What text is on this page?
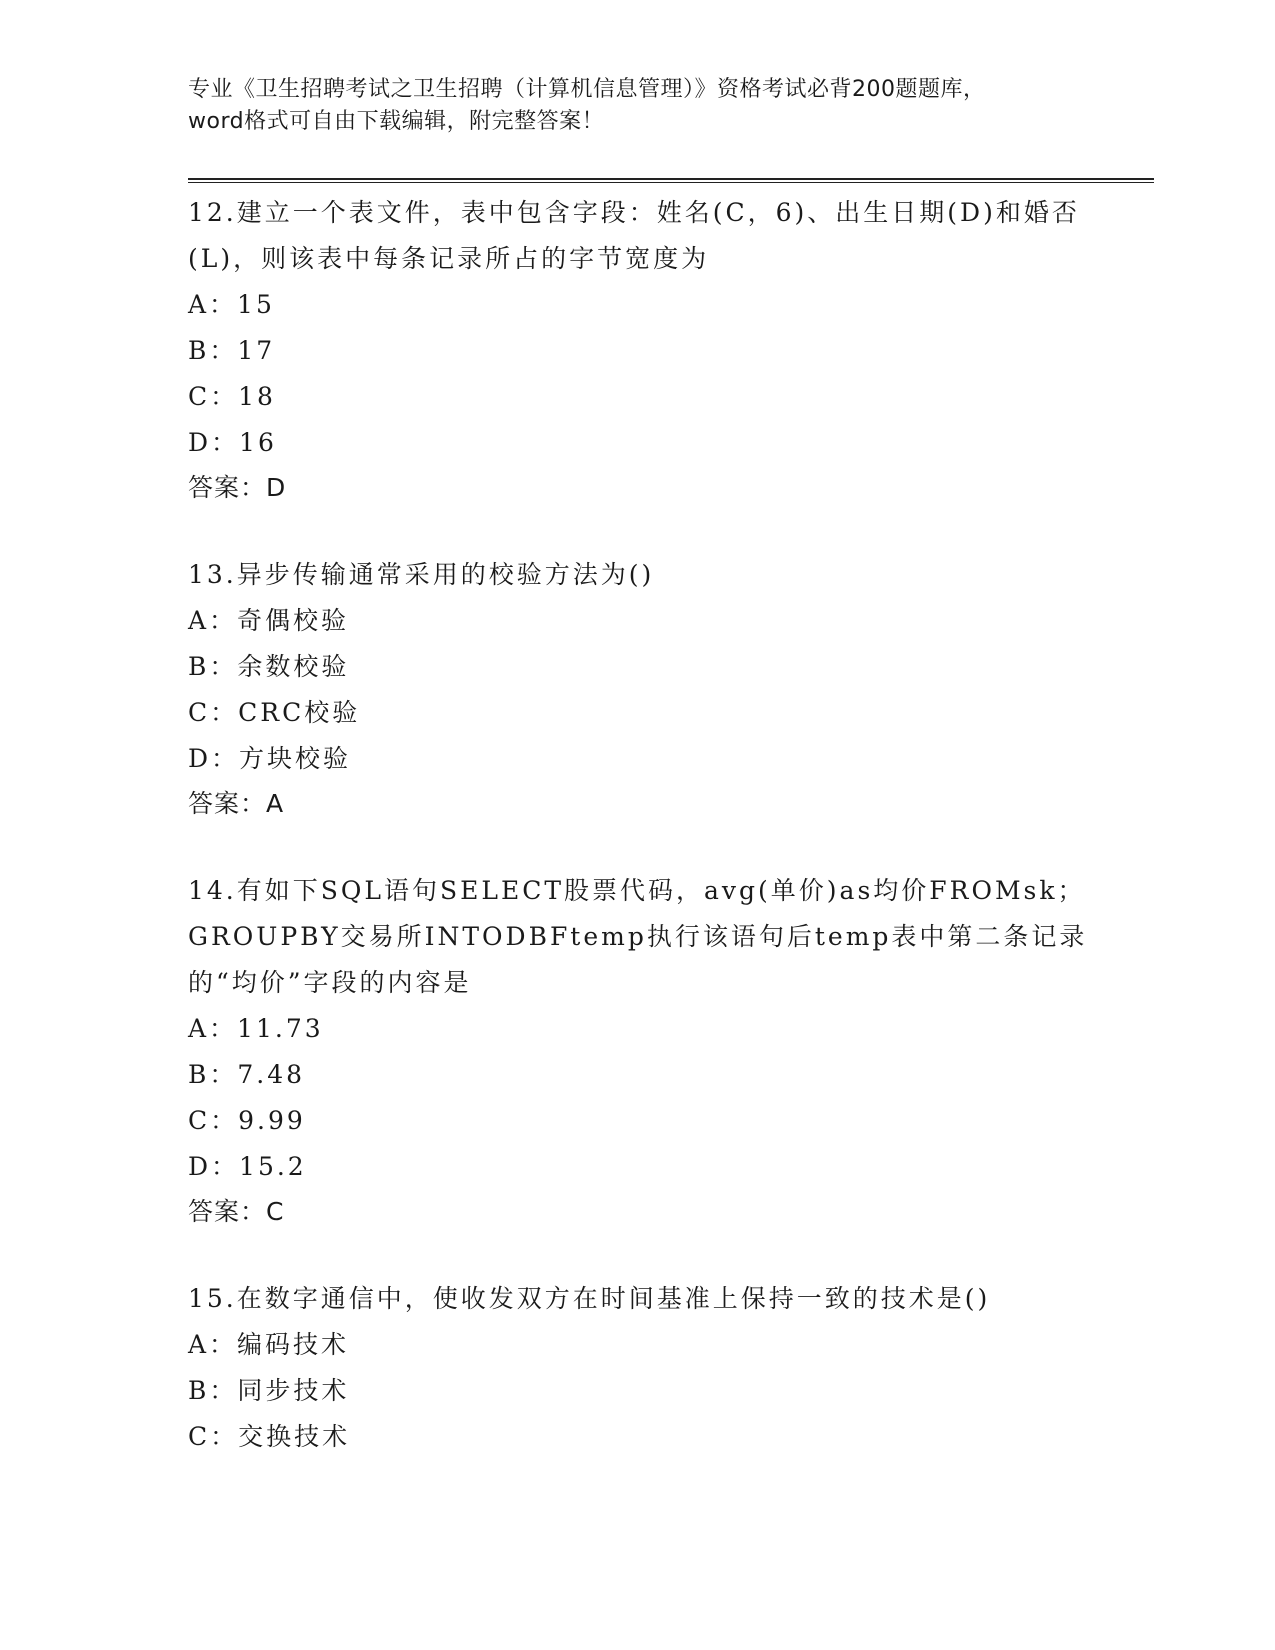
专业《卫生招聘考试之卫生招聘（计算机信息管理）》资格考试必背200题题库，

word格式可自由下载编辑，附完整答案！

12.建立一个表文件，表中包含字段：姓名(C，6)、出生日期(D)和婚否(L)，则该表中每条记录所占的字节宽度为

A：15

B：17

C：18

D：16

答案：D

13.异步传输通常采用的校验方法为()

A：奇偶校验

B：余数校验

C：CRC校验

D：方块校验

答案：A

14.有如下SQL语句SELECT股票代码，avg(单价)as均价FROMsk；GROUPBY交易所INTODBFtemp执行该语句后temp表中第二条记录的“均价”字段的内容是

A：11.73

B：7.48

C：9.99

D：15.2

答案：C

15.在数字通信中，使收发双方在时间基准上保持一致的技术是()

A：编码技术

B：同步技术

C：交换技术
